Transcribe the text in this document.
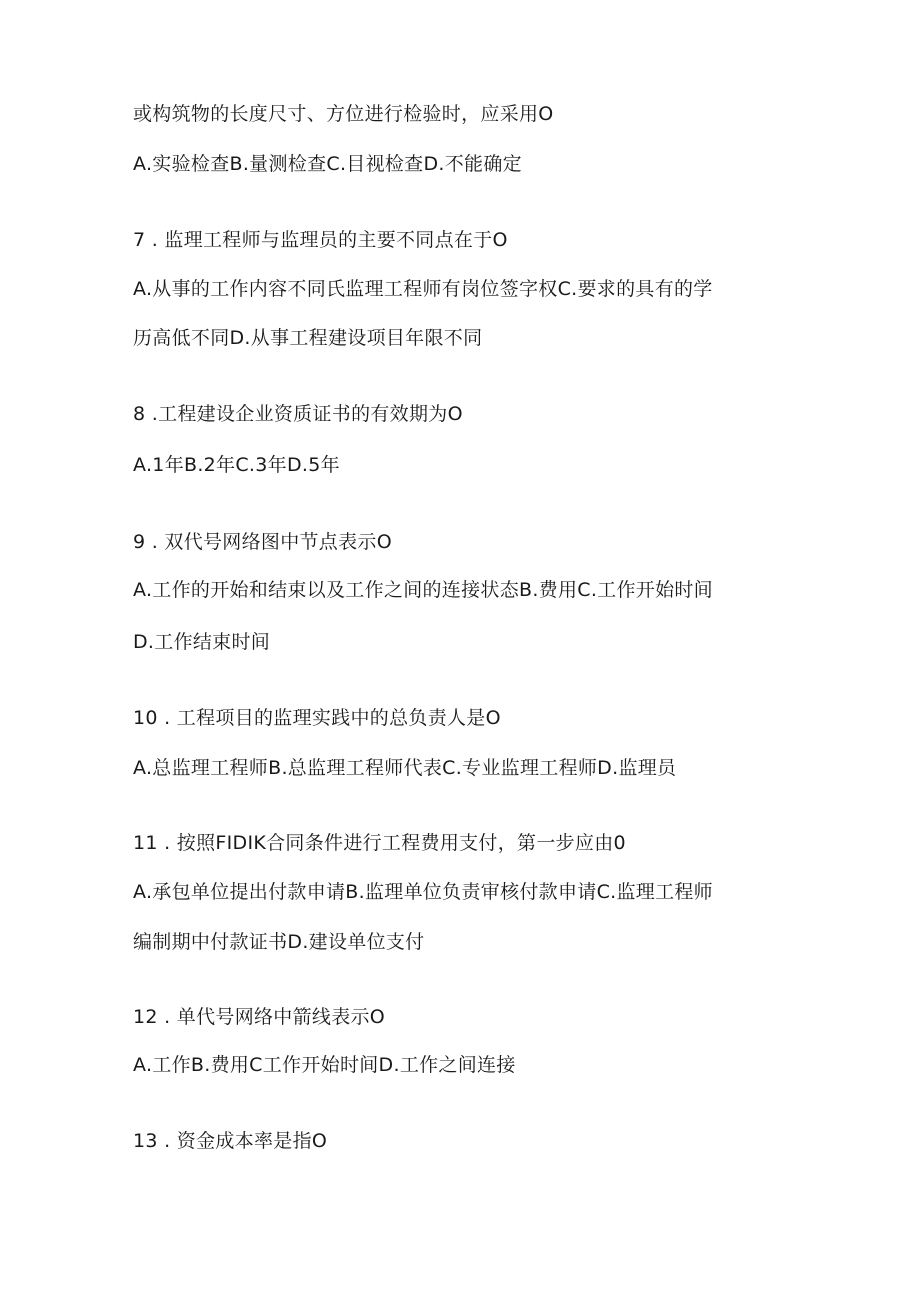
或构筑物的长度尺寸、方位进行检验时，应采用O
A.实验检查B.量测检查C.目视检查D.不能确定
7 . 监理工程师与监理员的主要不同点在于O
A.从事的工作内容不同氏监理工程师有岗位签字权C.要求的具有的学
历高低不同D.从事工程建设项目年限不同
8 .工程建设企业资质证书的有效期为O
A.1年B.2年C.3年D.5年
9 . 双代号网络图中节点表示O
A.工作的开始和结束以及工作之间的连接状态B.费用C.工作开始时间
D.工作结束时间
10 . 工程项目的监理实践中的总负责人是O
A.总监理工程师B.总监理工程师代表C.专业监理工程师D.监理员
11 . 按照FIDIK合同条件进行工程费用支付，第一步应由0
A.承包单位提出付款申请B.监理单位负责审核付款申请C.监理工程师
编制期中付款证书D.建设单位支付
12 . 单代号网络中箭线表示O
A.工作B.费用C工作开始时间D.工作之间连接
13 . 资金成本率是指O
